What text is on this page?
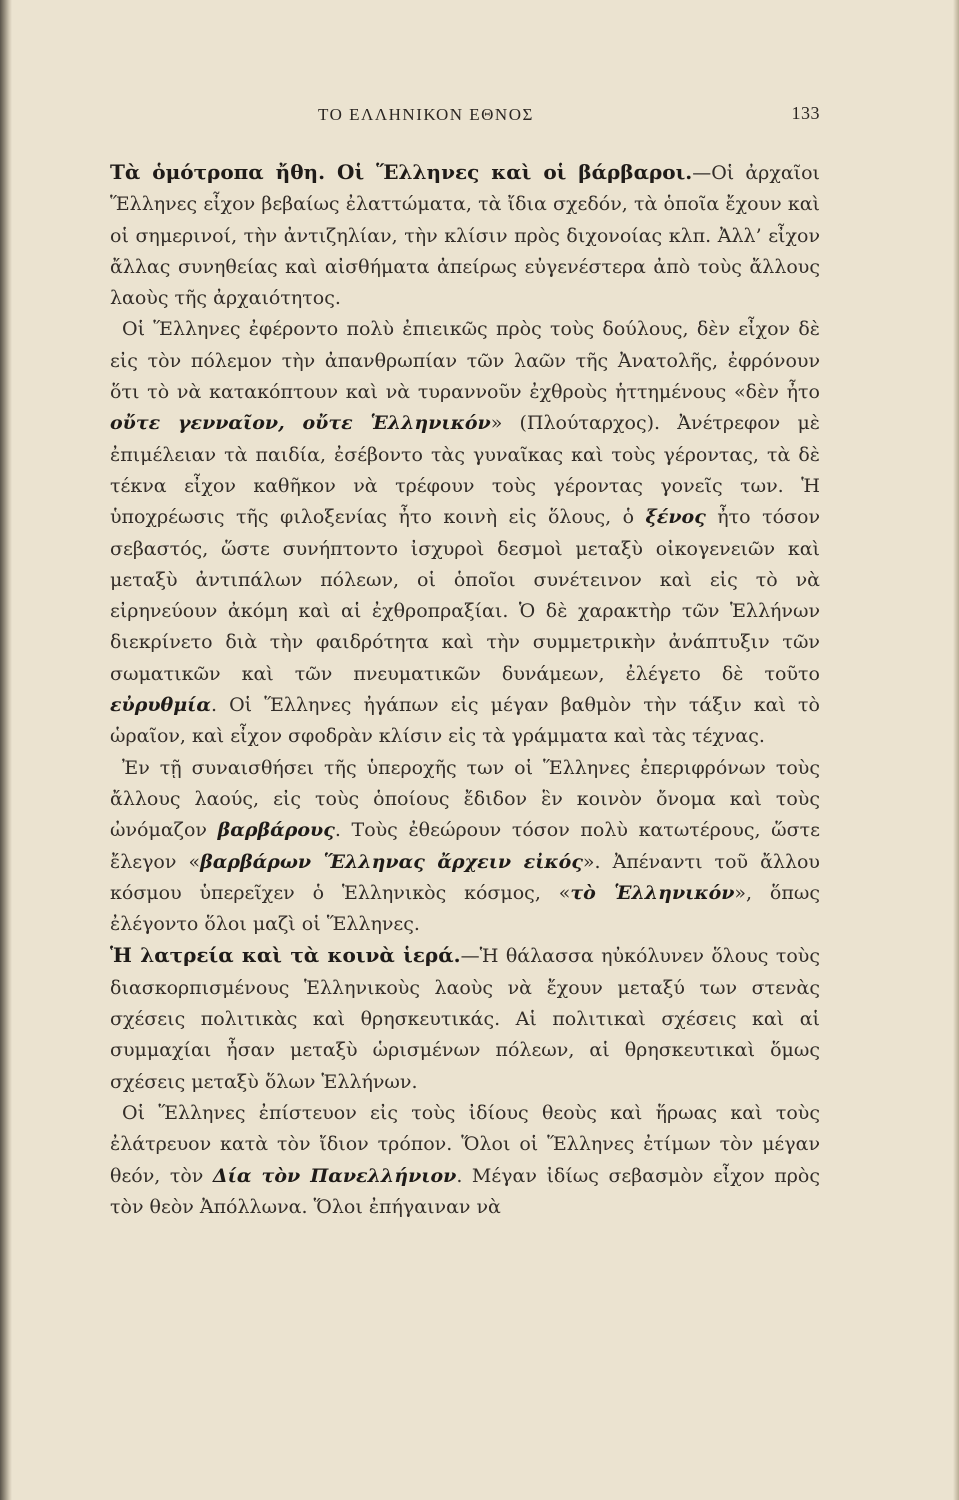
ΤΟ ΕΛΛΗΝΙΚΟΝ ΕΘΝΟΣ	133

Τὰ ὁμότροπα ἤθη. Οἱ Ἕλληνες καὶ οἱ βάρβαροι.—Οἱ ἀρχαῖοι Ἕλληνες εἶχον βεβαίως ἐλαττώματα, τὰ ἴδια σχεδόν, τὰ ὁποῖα ἔχουν καὶ οἱ σημερινοί, τὴν ἀντιζηλίαν, τὴν κλίσιν πρὸς διχονοίας κλπ. Ἀλλ’ εἶχον ἄλλας συνηθείας καὶ αἰσθήματα ἀπείρως εὐγενέστερα ἀπὸ τοὺς ἄλλους λαοὺς τῆς ἀρχαιότητος.

Οἱ Ἕλληνες ἐφέροντο πολὺ ἐπιεικῶς πρὸς τοὺς δούλους, δὲν εἶχον δὲ εἰς τὸν πόλεμον τὴν ἀπανθρωπίαν τῶν λαῶν τῆς Ἀνατολῆς, ἐφρόνουν ὅτι τὸ νὰ κατακόπτουν καὶ νὰ τυραννοῦν ἐχθροὺς ἡττημένους «δὲν ἦτο οὔτε γενναῖον, οὔτε Ἑλληνικόν» (Πλούταρχος). Ἀνέτρεφον μὲ ἐπιμέλειαν τὰ παιδία, ἐσέβοντο τὰς γυναῖκας καὶ τοὺς γέροντας, τὰ δὲ τέκνα εἶχον καθῆκον νὰ τρέφουν τοὺς γέροντας γονεῖς των. Ἡ ὑποχρέωσις τῆς φιλοξενίας ἦτο κοινὴ εἰς ὅλους, ὁ ξένος ἦτο τόσον σεβαστός, ὥστε συνήπτοντο ἰσχυροὶ δεσμοὶ μεταξὺ οἰκογενειῶν καὶ μεταξὺ ἀντιπάλων πόλεων, οἱ ὁποῖοι συνέτεινον καὶ εἰς τὸ νὰ εἰρηνεύουν ἀκόμη καὶ αἱ ἐχθροπραξίαι. Ὁ δὲ χαρακτὴρ τῶν Ἑλλήνων διεκρίνετο διὰ τὴν φαιδρότητα καὶ τὴν συμμετρικὴν ἀνάπτυξιν τῶν σωματικῶν καὶ τῶν πνευματικῶν δυνάμεων, ἐλέγετο δὲ τοῦτο εὐρυθμία. Οἱ Ἕλληνες ἠγάπων εἰς μέγαν βαθμὸν τὴν τάξιν καὶ τὸ ὡραῖον, καὶ εἶχον σφοδρὰν κλίσιν εἰς τὰ γράμματα καὶ τὰς τέχνας.

Ἐν τῇ συναισθήσει τῆς ὑπεροχῆς των οἱ Ἕλληνες ἐπεριφρόνων τοὺς ἄλλους λαούς, εἰς τοὺς ὁποίους ἔδιδον ἓν κοινὸν ὄνομα καὶ τοὺς ὠνόμαζον βαρβάρους. Τοὺς ἐθεώρουν τόσον πολὺ κατωτέρους, ὥστε ἔλεγον «βαρβάρων Ἕλληνας ἄρχειν εἰκός». Ἀπέναντι τοῦ ἄλλου κόσμου ὑπερεῖχεν ὁ Ἑλληνικὸς κόσμος, «τὸ Ἑλληνικόν», ὅπως ἐλέγοντο ὅλοι μαζὶ οἱ Ἕλληνες.

Ἡ λατρεία καὶ τὰ κοινὰ ἱερά.—Ἡ θάλασσα ηὐκόλυνεν ὅλους τοὺς διασκορπισμένους Ἑλληνικοὺς λαοὺς νὰ ἔχουν μεταξύ των στενὰς σχέσεις πολιτικὰς καὶ θρησκευτικάς. Αἱ πολιτικαὶ σχέσεις καὶ αἱ συμμαχίαι ἦσαν μεταξὺ ὡρισμένων πόλεων, αἱ θρησκευτικαὶ ὅμως σχέσεις μεταξὺ ὅλων Ἑλλήνων.

Οἱ Ἕλληνες ἐπίστευον εἰς τοὺς ἰδίους θεοὺς καὶ ἥρωας καὶ τοὺς ἐλάτρευον κατὰ τὸν ἴδιον τρόπον. Ὅλοι οἱ Ἕλληνες ἐτίμων τὸν μέγαν θεόν, τὸν Δία τὸν Πανελλήνιον. Μέγαν ἰδίως σεβασμὸν εἶχον πρὸς τὸν θεὸν Ἀπόλλωνα. Ὅλοι ἐπήγαιναν νὰ
